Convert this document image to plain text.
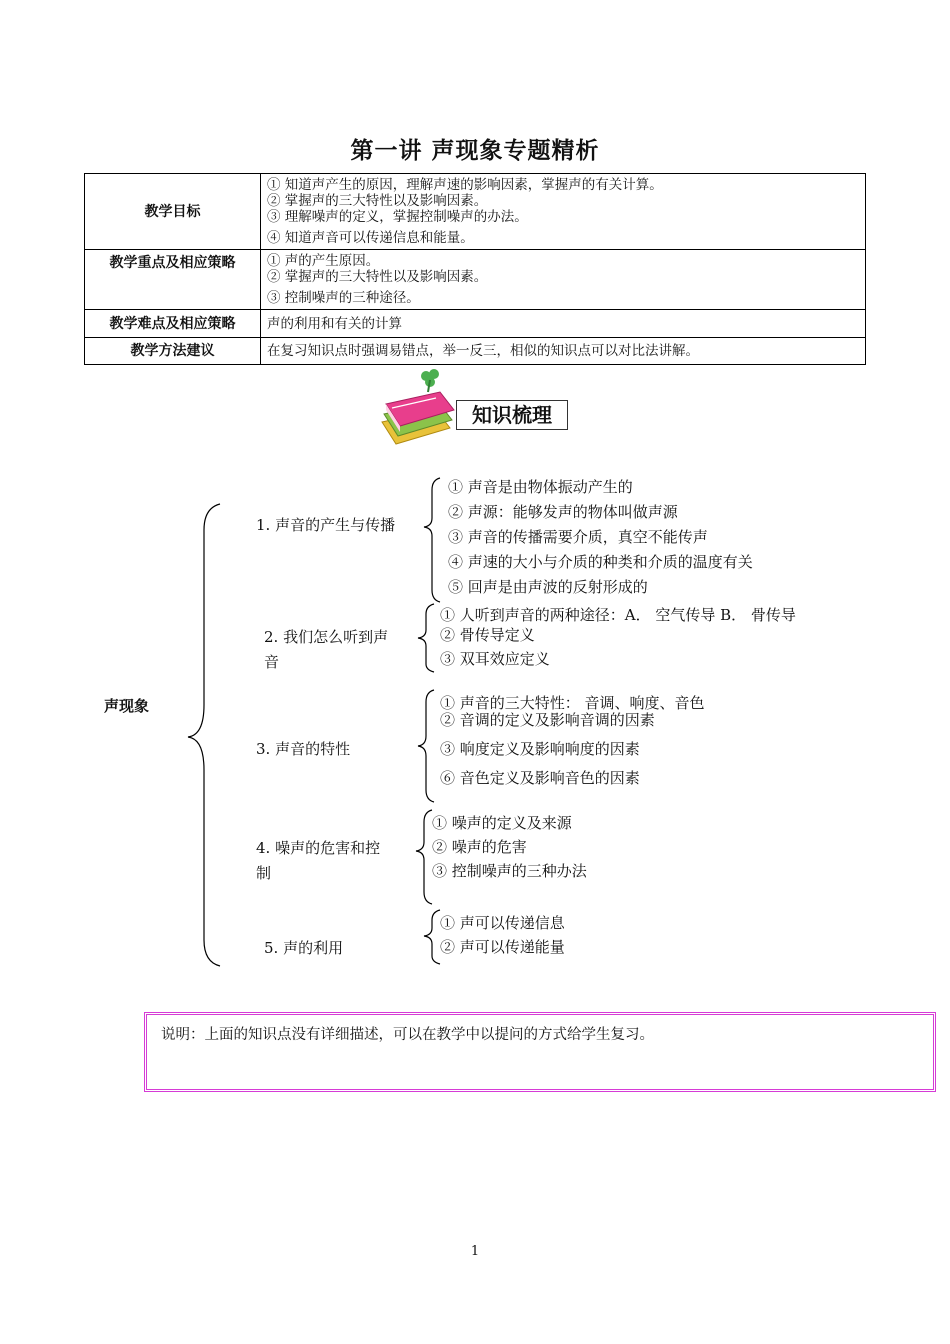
第一讲 声现象专题精析
教学目标	① 知道声产生的原因，理解声速的影响因素，掌握声的有关计算。
② 掌握声的三大特性以及影响因素。
③ 理解噪声的定义，掌握控制噪声的办法。
④ 知道声音可以传递信息和能量。

教学重点及相应策略	① 声的产生原因。
② 掌握声的三大特性以及影响因素。
③ 控制噪声的三种途径。

教学难点及相应策略	声的利用和有关的计算

教学方法建议	在复习知识点时强调易错点，举一反三，相似的知识点可以对比法讲解。
知识梳理
声现象
1. 声音的产生与传播
2. 我们怎么听到声
音
3. 声音的特性
4. 噪声的危害和控
制
5. 声的利用
① 声音是由物体振动产生的
② 声源：能够发声的物体叫做声源
③ 声音的传播需要介质，真空不能传声
④ 声速的大小与介质的种类和介质的温度有关
⑤ 回声是由声波的反射形成的
① 人听到声音的两种途径：A． 空气传导 B． 骨传导
② 骨传导定义
③ 双耳效应定义
① 声音的三大特性： 音调、响度、音色
② 音调的定义及影响音调的因素
③ 响度定义及影响响度的因素
⑥ 音色定义及影响音色的因素
① 噪声的定义及来源
② 噪声的危害
③ 控制噪声的三种办法
① 声可以传递信息
② 声可以传递能量
说明：上面的知识点没有详细描述，可以在教学中以提问的方式给学生复习。
1
